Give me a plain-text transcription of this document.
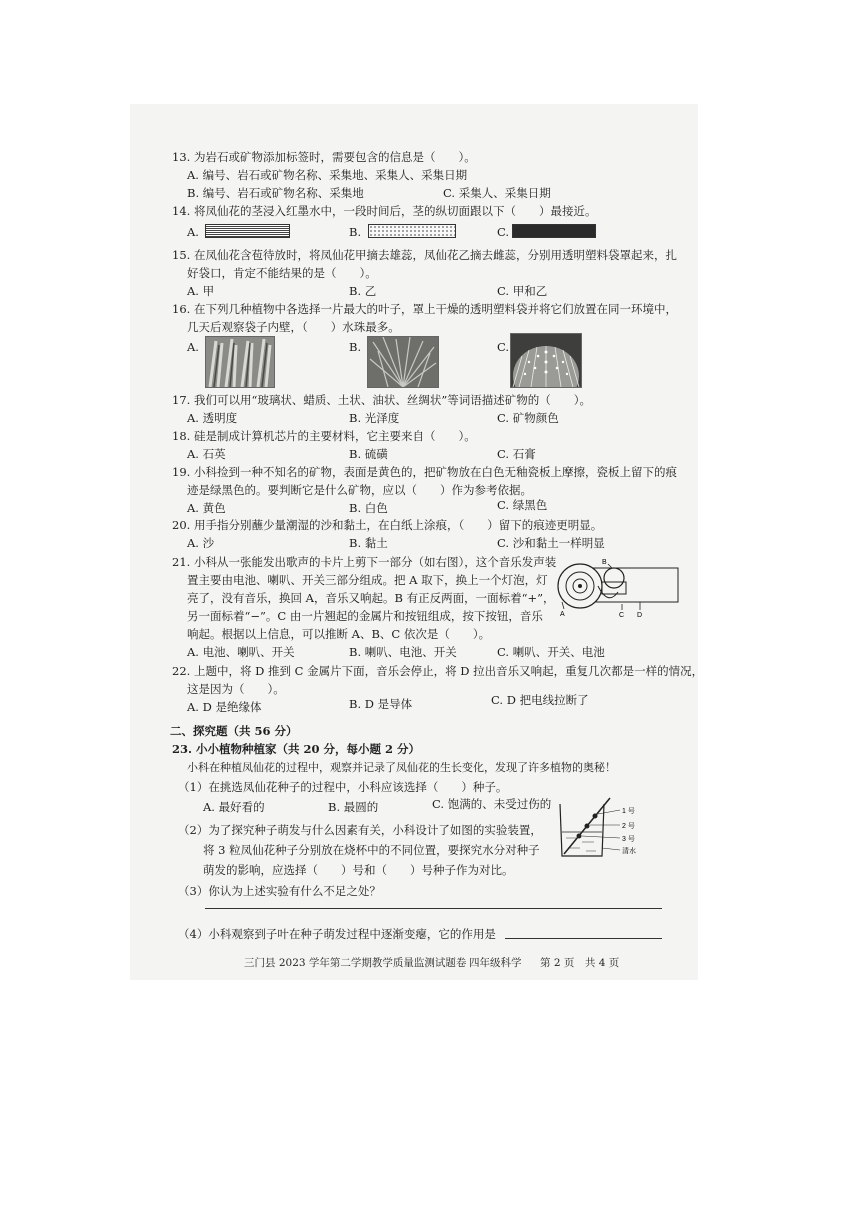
13. 为岩石或矿物添加标签时，需要包含的信息是（　　）。
A. 编号、岩石或矿物名称、采集地、采集人、采集日期
B. 编号、岩石或矿物名称、采集地	C. 采集人、采集日期
14. 将凤仙花的茎浸入红墨水中，一段时间后，茎的纵切面跟以下（　　）最接近。
A.	B.	C.
15. 在凤仙花含苞待放时，将凤仙花甲摘去雄蕊，凤仙花乙摘去雌蕊，分别用透明塑料袋罩起来，扎
好袋口，肯定不能结果的是（　　）。
A. 甲	B. 乙	C. 甲和乙
16. 在下列几种植物中各选择一片最大的叶子，罩上干燥的透明塑料袋并将它们放置在同一环境中，
几天后观察袋子内壁，（　　）水珠最多。
A.	B.	C.
17. 我们可以用“玻璃状、蜡质、土状、油状、丝绸状”等词语描述矿物的（　　）。
A. 透明度	B. 光泽度	C. 矿物颜色
18. 硅是制成计算机芯片的主要材料，它主要来自（　　）。
A. 石英	B. 硫磺	C. 石膏
19. 小科捡到一种不知名的矿物，表面是黄色的，把矿物放在白色无釉瓷板上摩擦，瓷板上留下的痕
迹是绿黑色的。要判断它是什么矿物，应以（　　）作为参考依据。
A. 黄色	B. 白色	C. 绿黑色
20. 用手指分别蘸少量潮湿的沙和黏土，在白纸上涂痕，（　　）留下的痕迹更明显。
A. 沙	B. 黏土	C. 沙和黏土一样明显
21. 小科从一张能发出歌声的卡片上剪下一部分（如右图），这个音乐发声装
置主要由电池、喇叭、开关三部分组成。把 A 取下，换上一个灯泡，灯
亮了，没有音乐，换回 A，音乐又响起。B 有正反两面，一面标着“+”，
另一面标着“−”。C 由一片翘起的金属片和按钮组成，按下按钮，音乐
响起。根据以上信息，可以推断 A、B、C 依次是（　　）。
A. 电池、喇叭、开关	B. 喇叭、电池、开关	C. 喇叭、开关、电池
B
A	C D
22. 上题中，将 D 推到 C 金属片下面，音乐会停止，将 D 拉出音乐又响起，重复几次都是一样的情况，
这是因为（　　）。
A. D 是绝缘体	B. D 是导体	C. D 把电线拉断了
二、探究题（共 56 分）
23. 小小植物种植家（共 20 分，每小题 2 分）
小科在种植凤仙花的过程中，观察并记录了凤仙花的生长变化，发现了许多植物的奥秘！
（1）在挑选凤仙花种子的过程中，小科应该选择（　　）种子。
A. 最好看的	B. 最圆的	C. 饱满的、未受过伤的
（2）为了探究种子萌发与什么因素有关，小科设计了如图的实验装置，
将 3 粒凤仙花种子分别放在烧杯中的不同位置，要探究水分对种子
萌发的影响，应选择（　　）号和（　　）号种子作为对比。
1 号
2 号
3 号
清水
（3）你认为上述实验有什么不足之处？
（4）小科观察到子叶在种子萌发过程中逐渐变瘪，它的作用是
三门县 2023 学年第二学期教学质量监测试题卷 四年级科学 第 2 页　共 4 页
